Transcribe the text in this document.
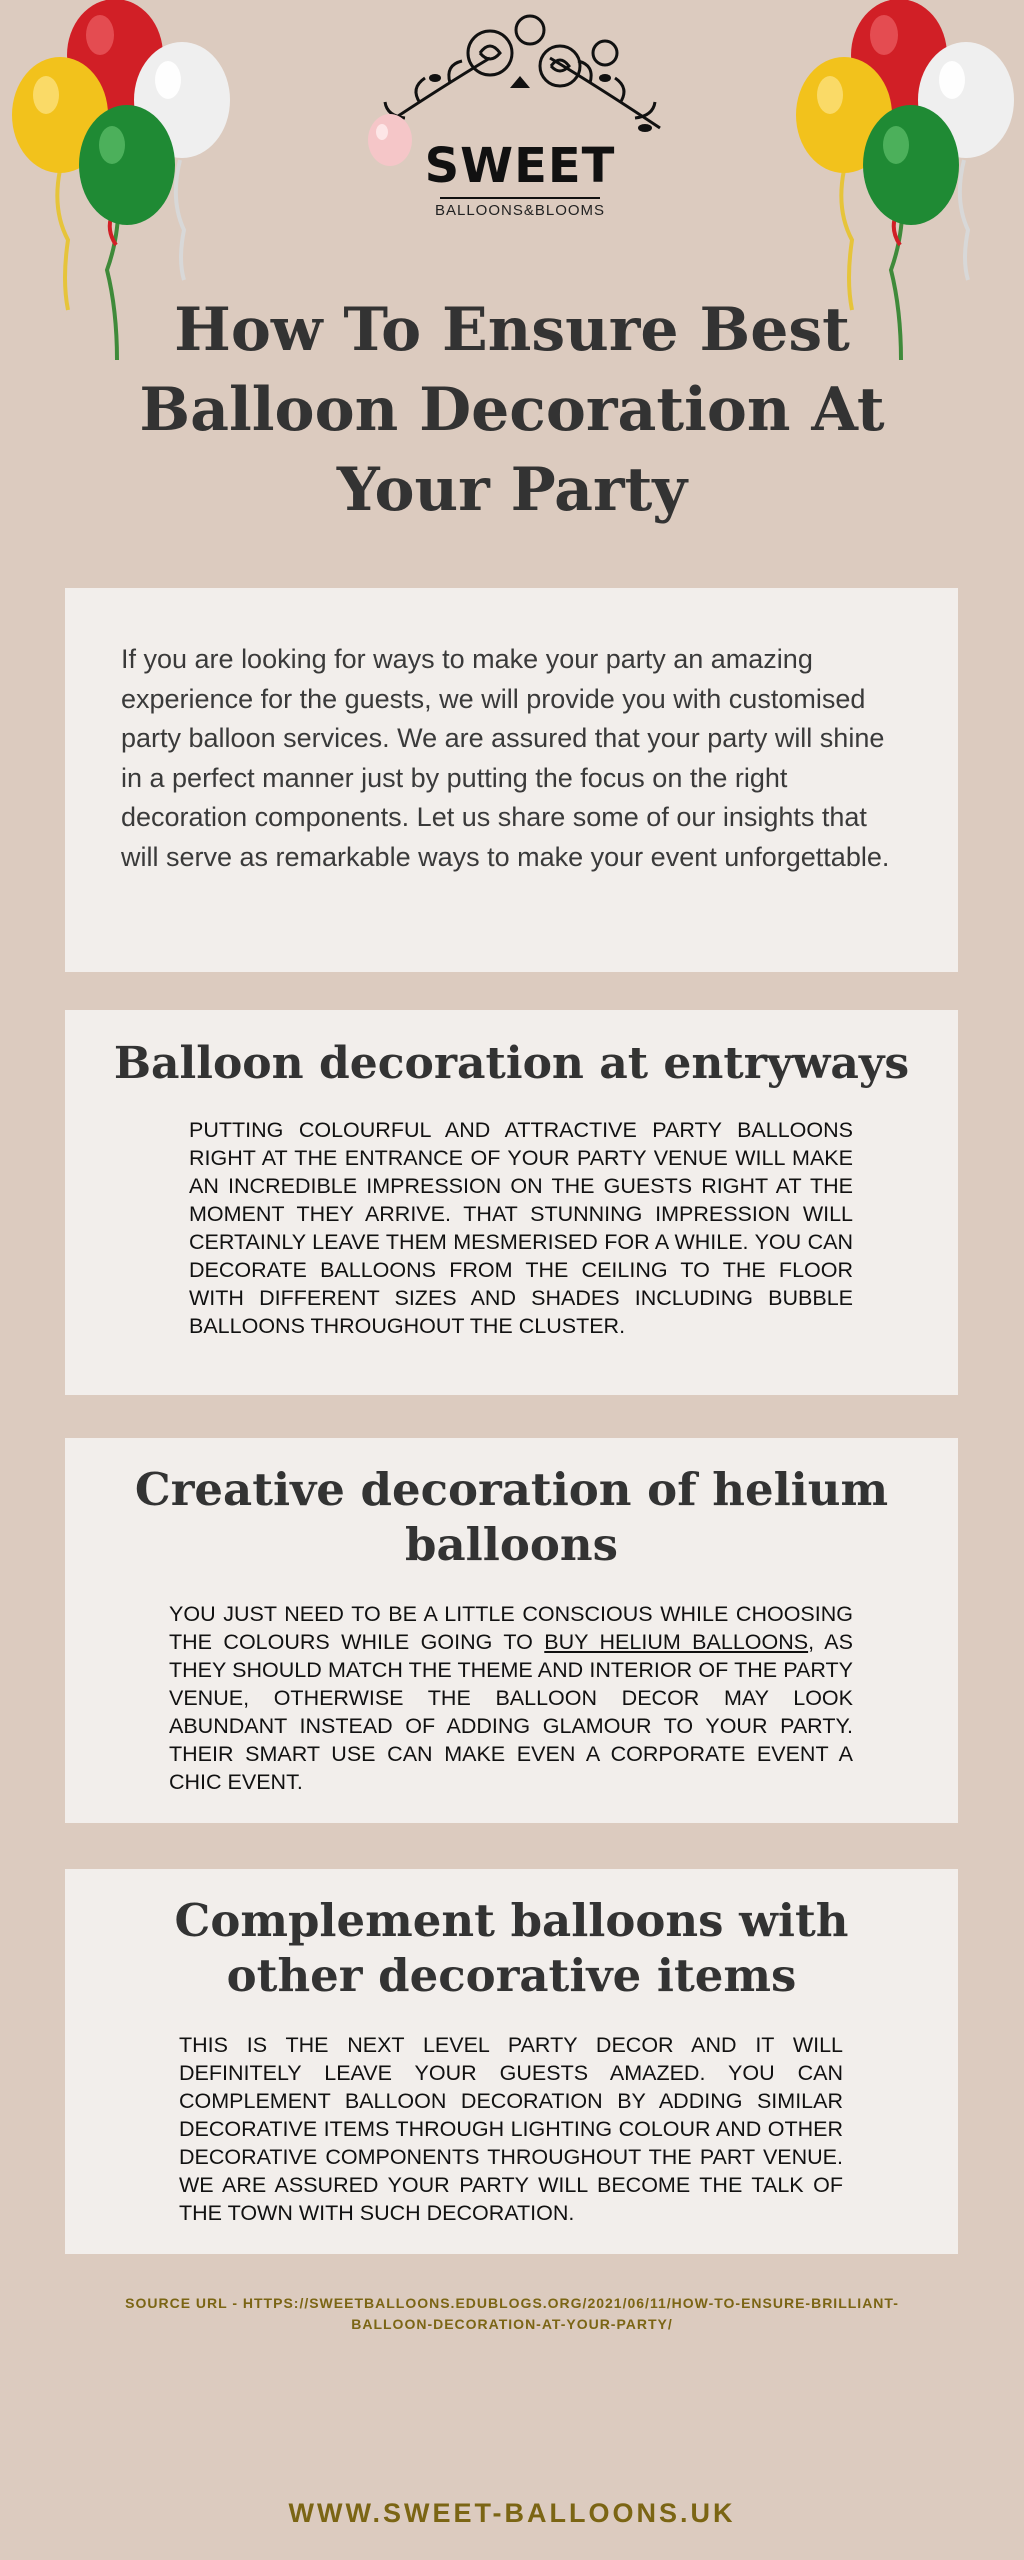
SWEET
BALLOONS&BLOOMS
How To Ensure Best Balloon Decoration At Your Party

If you are looking for ways to make your party an amazing experience for the guests, we will provide you with customised party balloon services. We are assured that your party will shine in a perfect manner just by putting the focus on the right decoration components. Let us share some of our insights that will serve as remarkable ways to make your event unforgettable.

Balloon decoration at entryways

PUTTING COLOURFUL AND ATTRACTIVE PARTY BALLOONS RIGHT AT THE ENTRANCE OF YOUR PARTY VENUE WILL MAKE AN INCREDIBLE IMPRESSION ON THE GUESTS RIGHT AT THE MOMENT THEY ARRIVE. THAT STUNNING IMPRESSION WILL CERTAINLY LEAVE THEM MESMERISED FOR A WHILE. YOU CAN DECORATE BALLOONS FROM THE CEILING TO THE FLOOR WITH DIFFERENT SIZES AND SHADES INCLUDING BUBBLE BALLOONS THROUGHOUT THE CLUSTER.

Creative decoration of helium balloons

YOU JUST NEED TO BE A LITTLE CONSCIOUS WHILE CHOOSING THE COLOURS WHILE GOING TO BUY HELIUM BALLOONS, AS THEY SHOULD MATCH THE THEME AND INTERIOR OF THE PARTY VENUE, OTHERWISE THE BALLOON DECOR MAY LOOK ABUNDANT INSTEAD OF ADDING GLAMOUR TO YOUR PARTY. THEIR SMART USE CAN MAKE EVEN A CORPORATE EVENT A CHIC EVENT.

Complement balloons with other decorative items

THIS IS THE NEXT LEVEL PARTY DECOR AND IT WILL DEFINITELY LEAVE YOUR GUESTS AMAZED. YOU CAN COMPLEMENT BALLOON DECORATION BY ADDING SIMILAR DECORATIVE ITEMS THROUGH LIGHTING COLOUR AND OTHER DECORATIVE COMPONENTS THROUGHOUT THE PART VENUE. WE ARE ASSURED YOUR PARTY WILL BECOME THE TALK OF THE TOWN WITH SUCH DECORATION.

SOURCE URL - HTTPS://SWEETBALLOONS.EDUBLOGS.ORG/2021/06/11/HOW-TO-ENSURE-BRILLIANT-BALLOON-DECORATION-AT-YOUR-PARTY/

WWW.SWEET-BALLOONS.UK
